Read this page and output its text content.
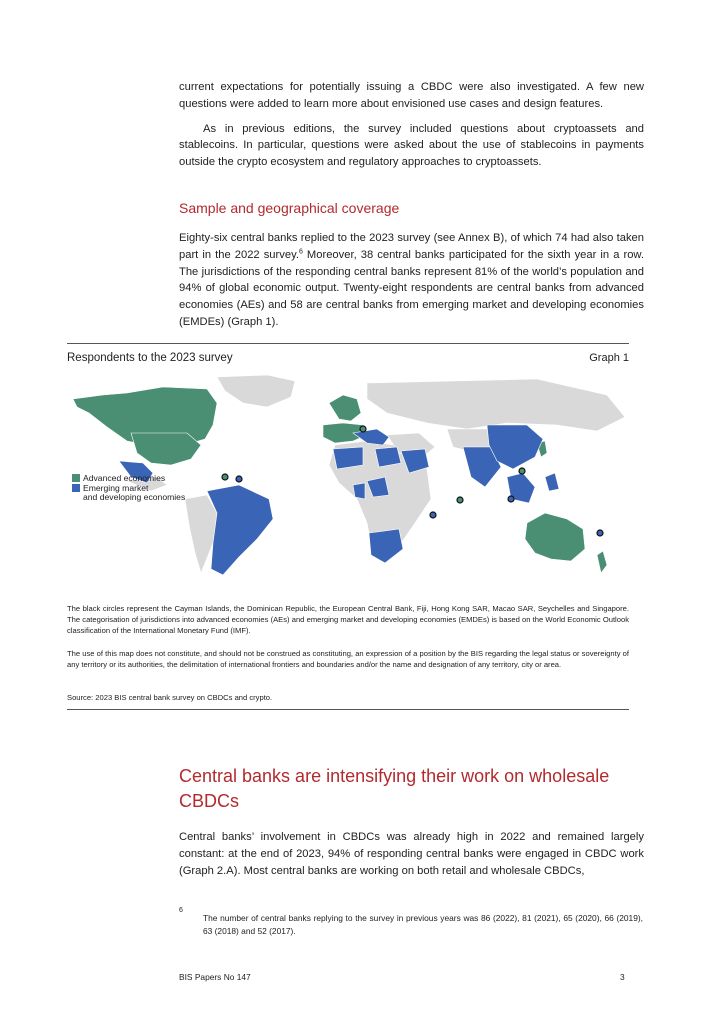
current expectations for potentially issuing a CBDC were also investigated. A few new questions were added to learn more about envisioned use cases and design features.

As in previous editions, the survey included questions about cryptoassets and stablecoins. In particular, questions were asked about the use of stablecoins in payments outside the crypto ecosystem and regulatory approaches to cryptoassets.

Sample and geographical coverage

Eighty-six central banks replied to the 2023 survey (see Annex B), of which 74 had also taken part in the 2022 survey.$^6$ Moreover, 38 central banks participated for the sixth year in a row. The jurisdictions of the responding central banks represent 81% of the world’s population and 94% of global economic output. Twenty-eight respondents are central banks from advanced economies (AEs) and 58 are central banks from emerging market and developing economies (EMDEs) (Graph 1).

Respondents to the 2023 survey	Graph 1
Advanced economies
Emerging market
and developing economies

The black circles represent the Cayman Islands, the Dominican Republic, the European Central Bank, Fiji, Hong Kong SAR, Macao SAR, Seychelles and Singapore. The categorisation of jurisdictions into advanced economies (AEs) and emerging market and developing economies (EMDEs) is based on the World Economic Outlook classification of the International Monetary Fund (IMF).

The use of this map does not constitute, and should not be construed as constituting, an expression of a position by the BIS regarding the legal status or sovereignty of any territory or its authorities, the delimitation of international frontiers and boundaries and/or the name and designation of any territory, city or area.

Source: 2023 BIS central bank survey on CBDCs and crypto.

Central banks are intensifying their work on wholesale CBDCs

Central banks’ involvement in CBDCs was already high in 2022 and remained largely constant: at the end of 2023, 94% of responding central banks were engaged in CBDC work (Graph 2.A). Most central banks are working on both retail and wholesale CBDCs,

6

The number of central banks replying to the survey in previous years was 86 (2022), 81 (2021), 65 (2020), 66 (2019), 63 (2018) and 52 (2017).

BIS Papers No 147	3
